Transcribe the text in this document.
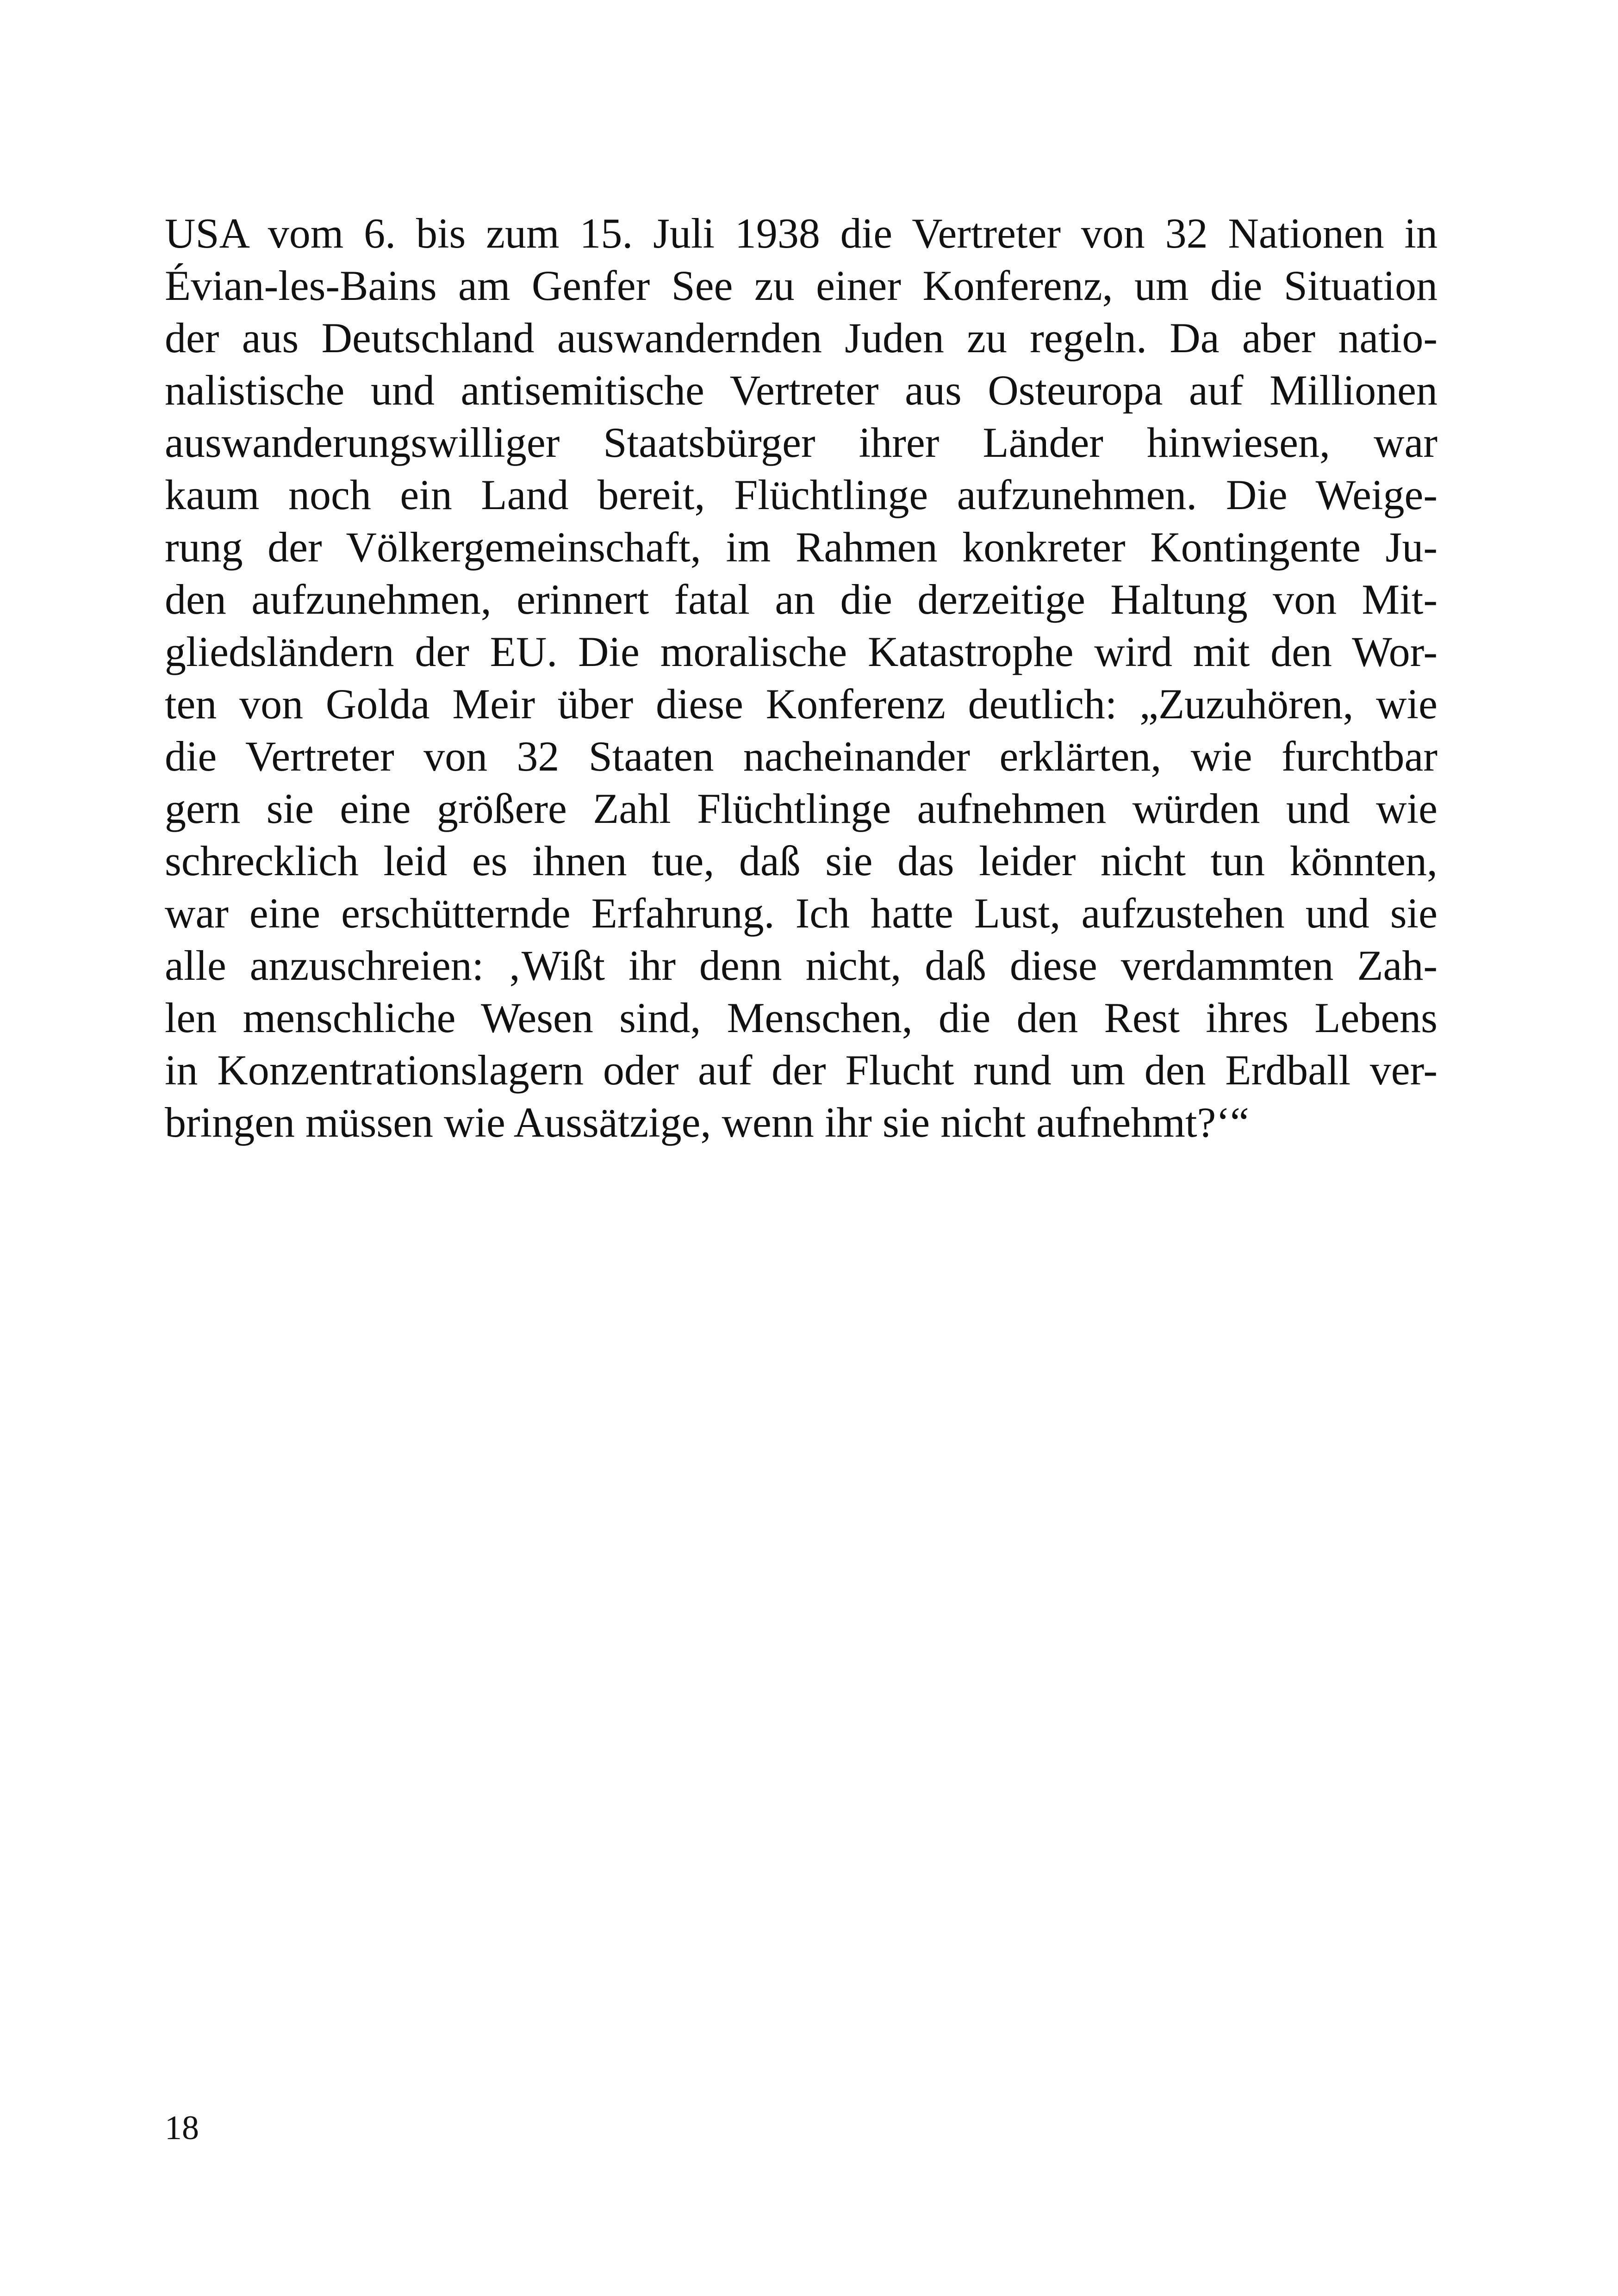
USA vom 6. bis zum 15. Juli 1938 die Vertreter von 32 Nationen in
Évian-les-Bains am Genfer See zu einer Konferenz, um die Situation
der aus Deutschland auswandernden Juden zu regeln. Da aber natio-
nalistische und antisemitische Vertreter aus Osteuropa auf Millionen
auswanderungswilliger Staatsbürger ihrer Länder hinwiesen, war
kaum noch ein Land bereit, Flüchtlinge aufzunehmen. Die Weige-
rung der Völkergemeinschaft, im Rahmen konkreter Kontingente Ju-
den aufzunehmen, erinnert fatal an die derzeitige Haltung von Mit-
gliedsländern der EU. Die moralische Katastrophe wird mit den Wor-
ten von Golda Meir über diese Konferenz deutlich: „Zuzuhören, wie
die Vertreter von 32 Staaten nacheinander erklärten, wie furchtbar
gern sie eine größere Zahl Flüchtlinge aufnehmen würden und wie
schrecklich leid es ihnen tue, daß sie das leider nicht tun könnten,
war eine erschütternde Erfahrung. Ich hatte Lust, aufzustehen und sie
alle anzuschreien: ‚Wißt ihr denn nicht, daß diese verdammten Zah-
len menschliche Wesen sind, Menschen, die den Rest ihres Lebens
in Konzentrationslagern oder auf der Flucht rund um den Erdball ver-
bringen müssen wie Aussätzige, wenn ihr sie nicht aufnehmt?‘“
18
